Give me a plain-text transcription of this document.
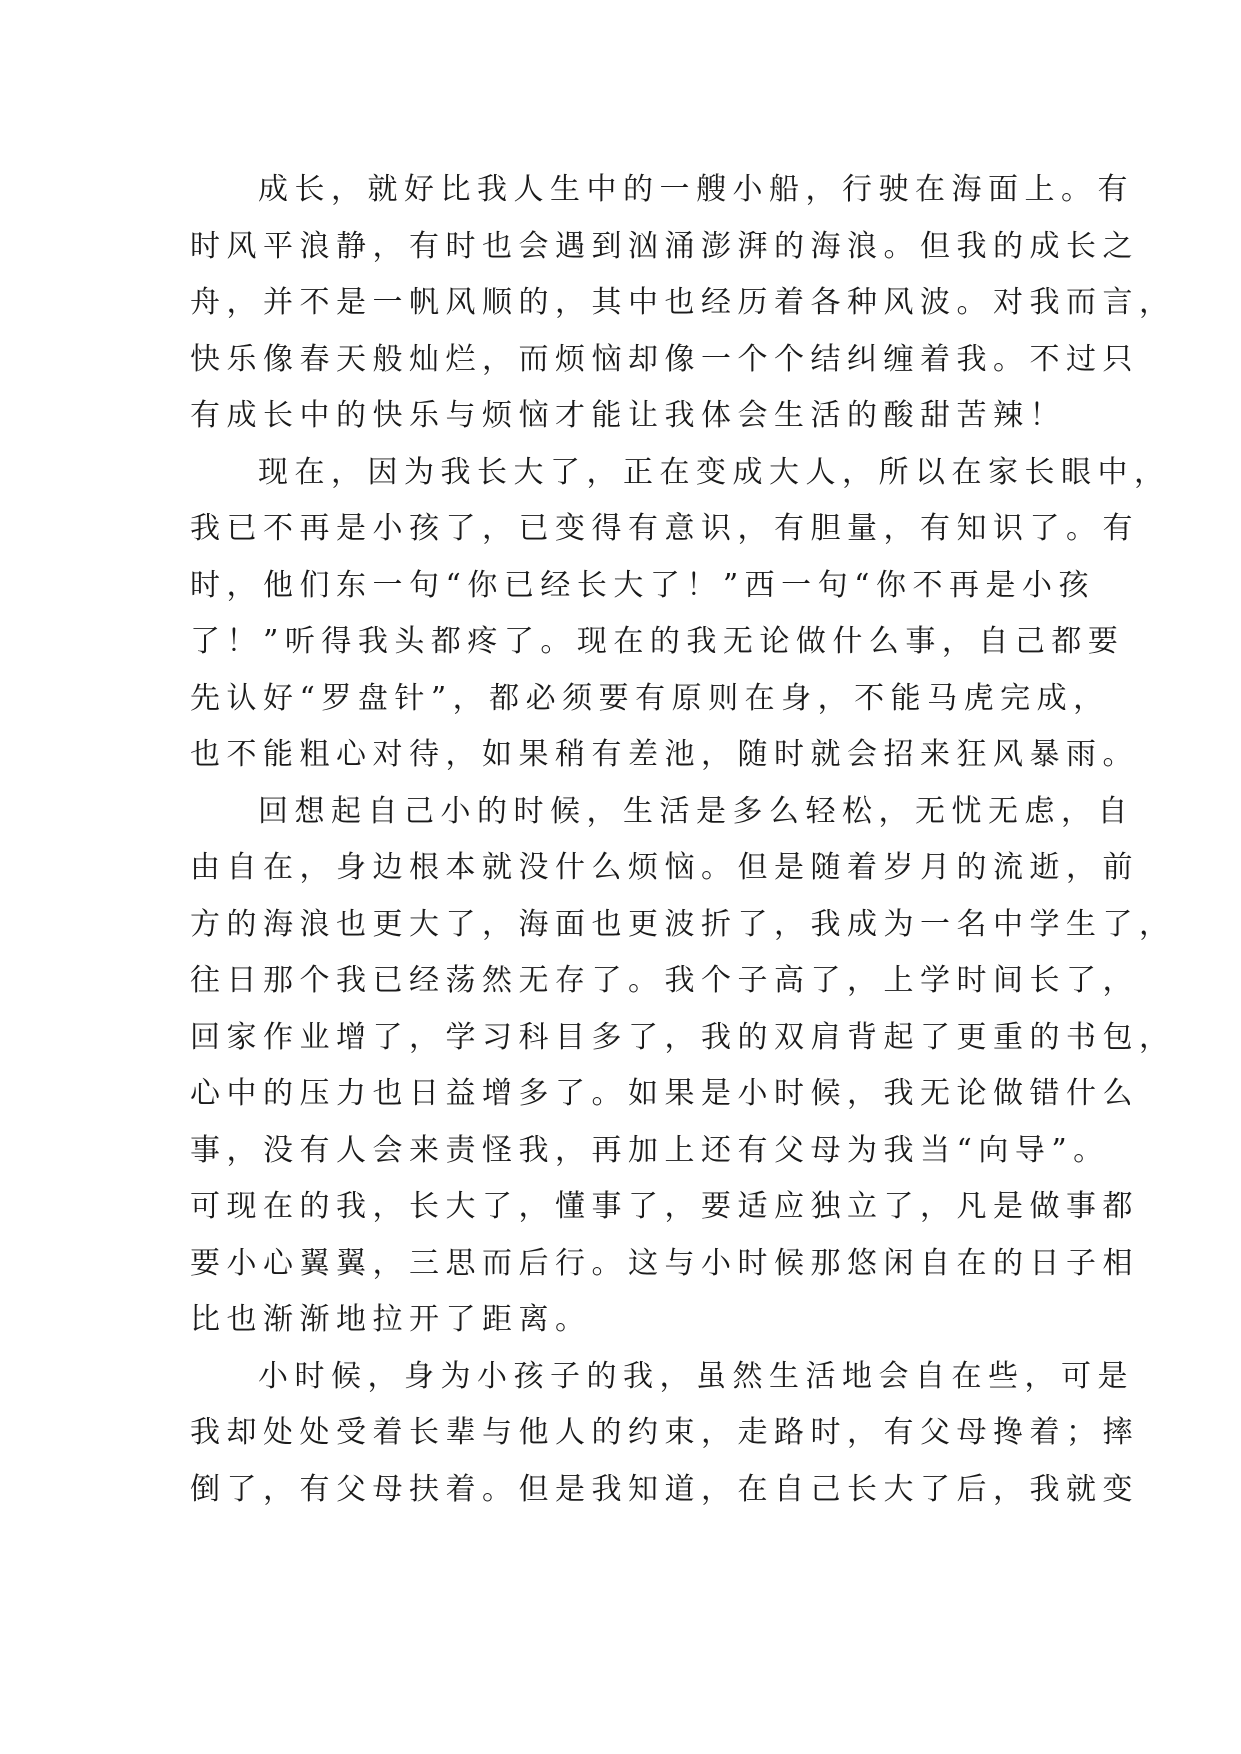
成长，就好比我人生中的一艘小船，行驶在海面上。有
时风平浪静，有时也会遇到汹涌澎湃的海浪。但我的成长之
舟，并不是一帆风顺的，其中也经历着各种风波。对我而言，
快乐像春天般灿烂，而烦恼却像一个个结纠缠着我。不过只
有成长中的快乐与烦恼才能让我体会生活的酸甜苦辣！
现在，因为我长大了，正在变成大人，所以在家长眼中，
我已不再是小孩了，已变得有意识，有胆量，有知识了。有
时，他们东一句“你已经长大了！”西一句“你不再是小孩
了！”听得我头都疼了。现在的我无论做什么事，自己都要
先认好“罗盘针”，都必须要有原则在身，不能马虎完成，
也不能粗心对待，如果稍有差池，随时就会招来狂风暴雨。
回想起自己小的时候，生活是多么轻松，无忧无虑，自
由自在，身边根本就没什么烦恼。但是随着岁月的流逝，前
方的海浪也更大了，海面也更波折了，我成为一名中学生了，
往日那个我已经荡然无存了。我个子高了，上学时间长了，
回家作业增了，学习科目多了，我的双肩背起了更重的书包，
心中的压力也日益增多了。如果是小时候，我无论做错什么
事，没有人会来责怪我，再加上还有父母为我当“向导”。
可现在的我，长大了，懂事了，要适应独立了，凡是做事都
要小心翼翼，三思而后行。这与小时候那悠闲自在的日子相
比也渐渐地拉开了距离。
小时候，身为小孩子的我，虽然生活地会自在些，可是
我却处处受着长辈与他人的约束，走路时，有父母搀着；摔
倒了，有父母扶着。但是我知道，在自己长大了后，我就变
